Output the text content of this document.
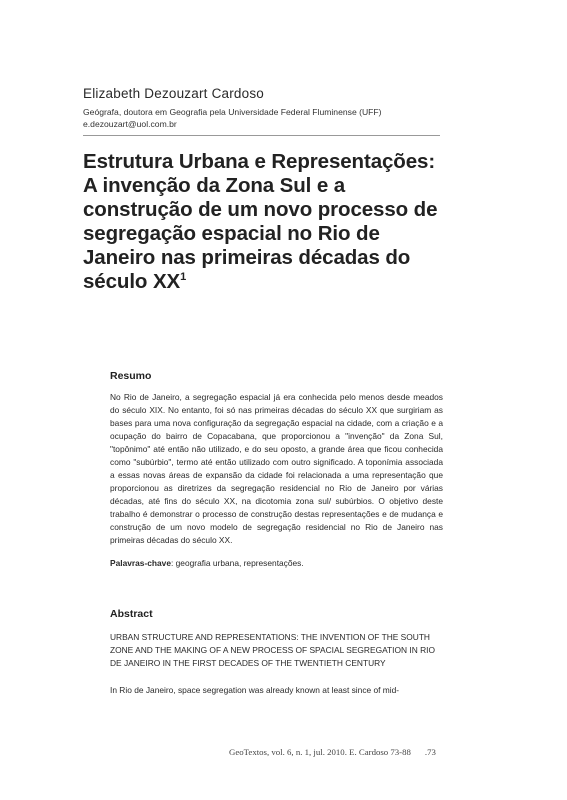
Elizabeth Dezouzart Cardoso
Geógrafa, doutora em Geografia pela Universidade Federal Fluminense (UFF)
e.dezouzart@uol.com.br
Estrutura Urbana e Representações: A invenção da Zona Sul e a construção de um novo processo de segregação espacial no Rio de Janeiro nas primeiras décadas do século $XX^1$
Resumo
No Rio de Janeiro, a segregação espacial já era conhecida pelo menos desde meados do século XIX. No entanto, foi só nas primeiras décadas do século XX que surgiriam as bases para uma nova configuração da segregação espacial na cidade, com a criação e a ocupação do bairro de Copacabana, que proporcionou a "invenção" da Zona Sul, "topônimo" até então não utilizado, e do seu oposto, a grande área que ficou conhecida como "subúrbio", termo até então utilizado com outro significado. A toponímia associada a essas novas áreas de expansão da cidade foi relacionada a uma representação que proporcionou as diretrizes da segregação residencial no Rio de Janeiro por várias décadas, até fins do século XX, na dicotomia zona sul/ subúrbios. O objetivo deste trabalho é demonstrar o processo de construção destas representações e de mudança e construção de um novo modelo de segregação residencial no Rio de Janeiro nas primeiras décadas do século XX.
Palavras-chave: geografia urbana, representações.
Abstract
URBAN STRUCTURE AND REPRESENTATIONS: THE INVENTION OF THE SOUTH ZONE AND THE MAKING OF A NEW PROCESS OF SPACIAL SEGREGATION IN RIO DE JANEIRO IN THE FIRST DECADES OF THE TWENTIETH CENTURY
In Rio de Janeiro, space segregation was already known at least since of mid-
GeoTextos, vol. 6, n. 1, jul. 2010. E. Cardoso 73-88 .73
